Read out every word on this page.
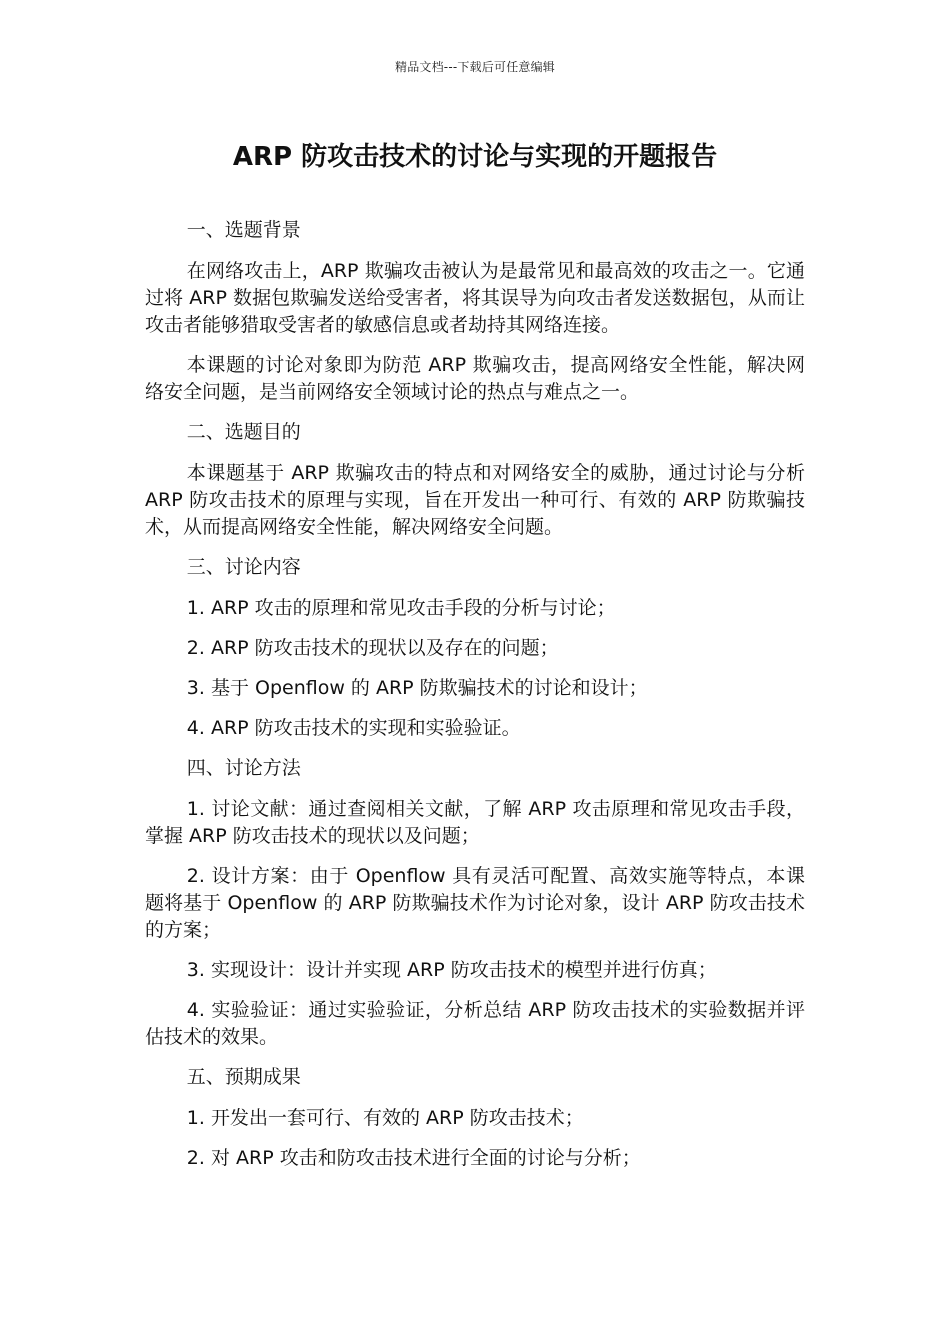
精品文档---下载后可任意编辑
ARP 防攻击技术的讨论与实现的开题报告

一、选题背景

在网络攻击上，ARP 欺骗攻击被认为是最常见和最高效的攻击之一。它通过将 ARP 数据包欺骗发送给受害者，将其误导为向攻击者发送数据包，从而让攻击者能够猎取受害者的敏感信息或者劫持其网络连接。

本课题的讨论对象即为防范 ARP 欺骗攻击，提高网络安全性能，解决网络安全问题，是当前网络安全领域讨论的热点与难点之一。

二、选题目的

本课题基于 ARP 欺骗攻击的特点和对网络安全的威胁，通过讨论与分析 ARP 防攻击技术的原理与实现，旨在开发出一种可行、有效的 ARP 防欺骗技术，从而提高网络安全性能，解决网络安全问题。

三、讨论内容

1. ARP 攻击的原理和常见攻击手段的分析与讨论；

2. ARP 防攻击技术的现状以及存在的问题；

3. 基于 Openflow 的 ARP 防欺骗技术的讨论和设计；

4. ARP 防攻击技术的实现和实验验证。

四、讨论方法

1. 讨论文献：通过查阅相关文献，了解 ARP 攻击原理和常见攻击手段，掌握 ARP 防攻击技术的现状以及问题；

2. 设计方案：由于 Openflow 具有灵活可配置、高效实施等特点，本课题将基于 Openflow 的 ARP 防欺骗技术作为讨论对象，设计 ARP 防攻击技术的方案；

3. 实现设计：设计并实现 ARP 防攻击技术的模型并进行仿真；

4. 实验验证：通过实验验证，分析总结 ARP 防攻击技术的实验数据并评估技术的效果。

五、预期成果

1. 开发出一套可行、有效的 ARP 防攻击技术；

2. 对 ARP 攻击和防攻击技术进行全面的讨论与分析；
